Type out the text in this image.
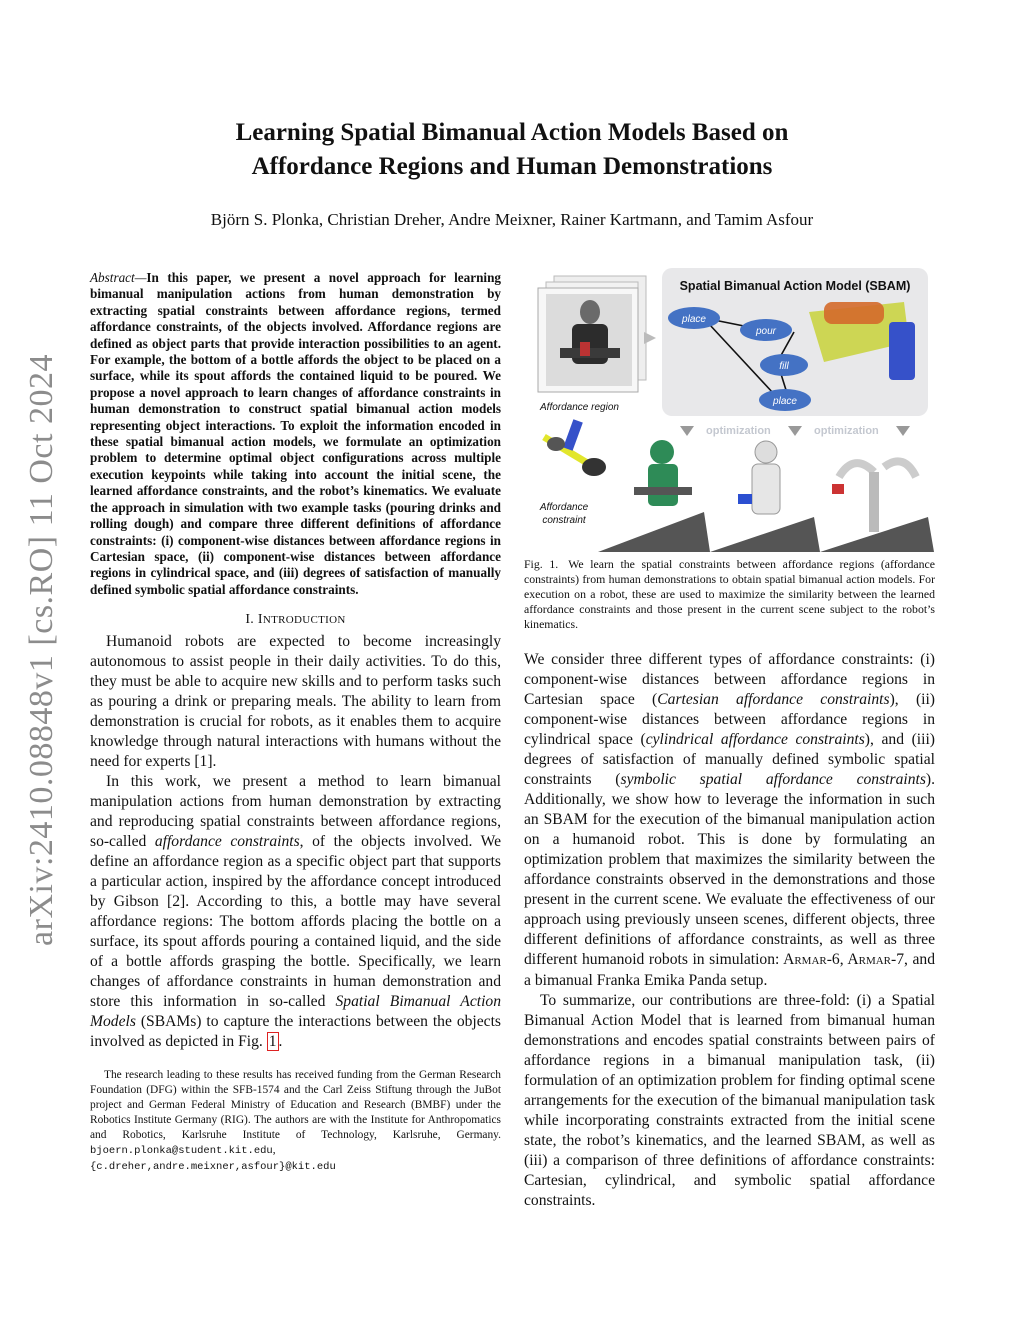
arXiv:2410.08848v1 [cs.RO] 11 Oct 2024
Learning Spatial Bimanual Action Models Based on
Affordance Regions and Human Demonstrations
Björn S. Plonka, Christian Dreher, Andre Meixner, Rainer Kartmann, and Tamim Asfour

Abstract—In this paper, we present a novel approach for learning bimanual manipulation actions from human demonstration by extracting spatial constraints between affordance regions, termed affordance constraints, of the objects involved. Affordance regions are defined as object parts that provide interaction possibilities to an agent. For example, the bottom of a bottle affords the object to be placed on a surface, while its spout affords the contained liquid to be poured. We propose a novel approach to learn changes of affordance constraints in human demonstration to construct spatial bimanual action models representing object interactions. To exploit the information encoded in these spatial bimanual action models, we formulate an optimization problem to determine optimal object configurations across multiple execution keypoints while taking into account the initial scene, the learned affordance constraints, and the robot’s kinematics. We evaluate the approach in simulation with two example tasks (pouring drinks and rolling dough) and compare three different definitions of affordance constraints: (i) component-wise distances between affordance regions in Cartesian space, (ii) component-wise distances between affordance regions in cylindrical space, and (iii) degrees of satisfaction of manually defined symbolic spatial affordance constraints.

I. INTRODUCTION

Humanoid robots are expected to become increasingly autonomous to assist people in their daily activities. To do this, they must be able to acquire new skills and to perform tasks such as pouring a drink or preparing meals. The ability to learn from demonstration is crucial for robots, as it enables them to acquire knowledge through natural interactions with humans without the need for experts [1].

In this work, we present a method to learn bimanual manipulation actions from human demonstration by extracting and reproducing spatial constraints between affordance regions, so-called affordance constraints, of the objects involved. We define an affordance region as a specific object part that supports a particular action, inspired by the affordance concept introduced by Gibson [2]. According to this, a bottle may have several affordance regions: The bottom affords placing the bottle on a surface, its spout affords pouring a contained liquid, and the side of a bottle affords grasping the bottle. Specifically, we learn changes of affordance constraints in human demonstration and store this information in so-called Spatial Bimanual Action Models (SBAMs) to capture the interactions between the objects involved as depicted in Fig. 1 .

The research leading to these results has received funding from the German Research Foundation (DFG) within the SFB-1574 and the Carl Zeiss Stiftung through the JuBot project and German Federal Ministry of Education and Research (BMBF) under the Robotics Institute Germany (RIG). The authors are with the Institute for Anthropomatics and Robotics, Karlsruhe Institute of Technology, Karlsruhe, Germany. bjoern.plonka@student.kit.edu, {c.dreher,andre.meixner,asfour}@kit.edu

Spatial Bimanual Action Model (SBAM)
place
pour
fill
place
optimization	optimization
Affordance region
Affordance
constraint
Fig. 1. We learn the spatial constraints between affordance regions (affordance constraints) from human demonstrations to obtain spatial bimanual action models. For execution on a robot, these are used to maximize the similarity between the learned affordance constraints and those present in the current scene subject to the robot’s kinematics.

We consider three different types of affordance constraints: (i) component-wise distances between affordance regions in Cartesian space (Cartesian affordance constraints), (ii) component-wise distances between affordance regions in cylindrical space (cylindrical affordance constraints), and (iii) degrees of satisfaction of manually defined symbolic spatial constraints (symbolic spatial affordance constraints). Additionally, we show how to leverage the information in such an SBAM for the execution of the bimanual manipulation action on a humanoid robot. This is done by formulating an optimization problem that maximizes the similarity between the affordance constraints observed in the demonstrations and those present in the current scene. We evaluate the effectiveness of our approach using previously unseen scenes, different objects, three different definitions of affordance constraints, as well as three different humanoid robots in simulation: ARMAR-6, ARMAR-7, and a bimanual Franka Emika Panda setup.

To summarize, our contributions are three-fold: (i) a Spatial Bimanual Action Model that is learned from bimanual human demonstrations and encodes spatial constraints between pairs of affordance regions in a bimanual manipulation task, (ii) formulation of an optimization problem for finding optimal scene arrangements for the execution of the bimanual manipulation task while incorporating constraints extracted from the initial scene state, the robot’s kinematics, and the learned SBAM, as well as (iii) a comparison of three definitions of affordance constraints: Cartesian, cylindrical, and symbolic spatial affordance constraints.
